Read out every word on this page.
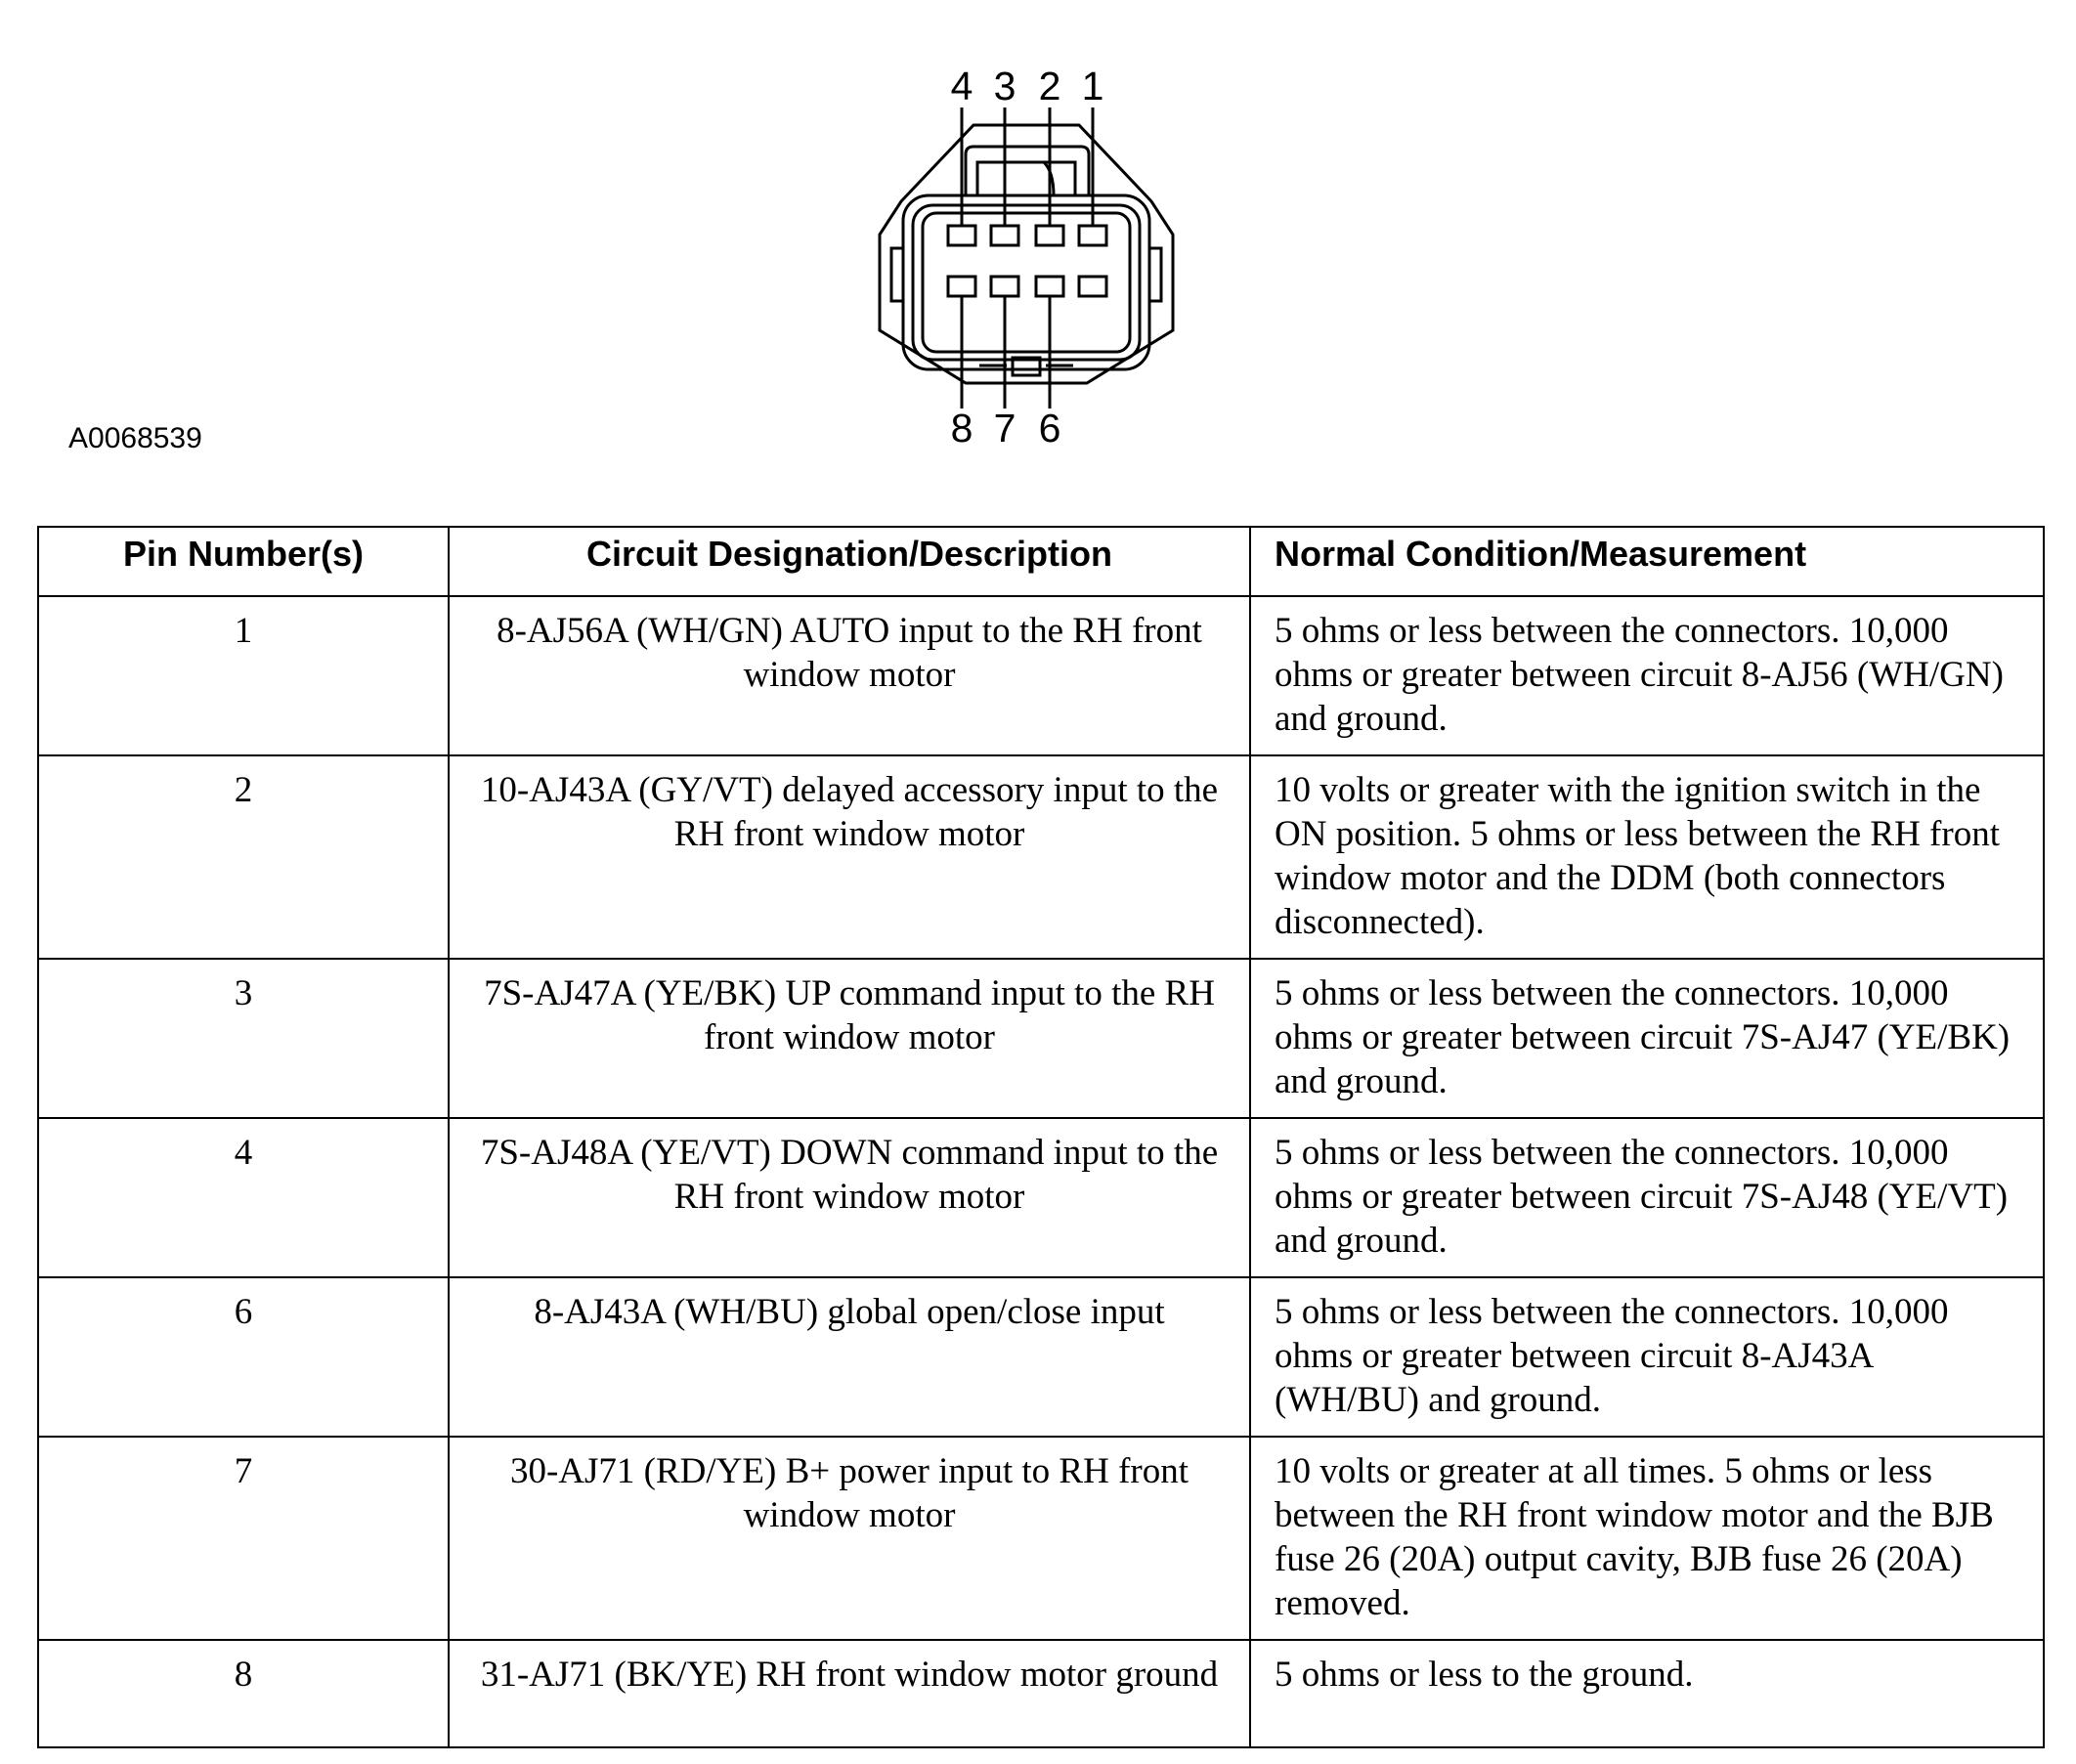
4 3 2 1
8 7 6
A0068539
Pin Number(s)	Circuit Designation/Description	Normal Condition/Measurement
1	8-AJ56A (WH/GN) AUTO input to the RH front window motor	5 ohms or less between the connectors. 10,000 ohms or greater between circuit 8-AJ56 (WH/GN) and ground.
2	10-AJ43A (GY/VT) delayed accessory input to the RH front window motor	10 volts or greater with the ignition switch in the ON position. 5 ohms or less between the RH front window motor and the DDM (both connectors disconnected).
3	7S-AJ47A (YE/BK) UP command input to the RH front window motor	5 ohms or less between the connectors. 10,000 ohms or greater between circuit 7S-AJ47 (YE/BK) and ground.
4	7S-AJ48A (YE/VT) DOWN command input to the RH front window motor	5 ohms or less between the connectors. 10,000 ohms or greater between circuit 7S-AJ48 (YE/VT) and ground.
6	8-AJ43A (WH/BU) global open/close input	5 ohms or less between the connectors. 10,000 ohms or greater between circuit 8-AJ43A (WH/BU) and ground.
7	30-AJ71 (RD/YE) B+ power input to RH front window motor	10 volts or greater at all times. 5 ohms or less between the RH front window motor and the BJB fuse 26 (20A) output cavity, BJB fuse 26 (20A) removed.
8	31-AJ71 (BK/YE) RH front window motor ground	5 ohms or less to the ground.
